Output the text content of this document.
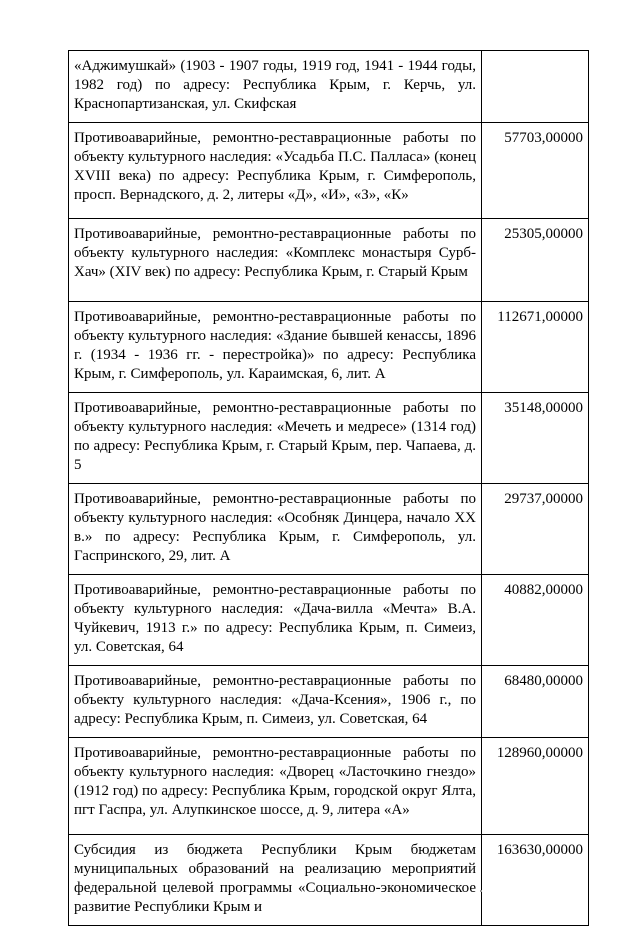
«Аджимушкай» (1903 - 1907 годы, 1919 год, 1941 - 1944 годы, 1982 год) по адресу: Республика Крым, г. Керчь, ул. Краснопартизанская, ул. Скифская	
Противоаварийные, ремонтно-реставрационные работы по объекту культурного наследия: «Усадьба П.С. Палласа» (конец XVIII века) по адресу: Республика Крым, г. Симферополь, просп. Вернадского, д. 2, литеры «Д», «И», «З», «К»	57703,00000
Противоаварийные, ремонтно-реставрационные работы по объекту культурного наследия: «Комплекс монастыря Сурб-Хач» (XIV век) по адресу: Республика Крым, г. Старый Крым	25305,00000
Противоаварийные, ремонтно-реставрационные работы по объекту культурного наследия: «Здание бывшей кенассы, 1896 г. (1934 - 1936 гг. - перестройка)» по адресу: Республика Крым, г. Симферополь, ул. Караимская, 6, лит. А	112671,00000
Противоаварийные, ремонтно-реставрационные работы по объекту культурного наследия: «Мечеть и медресе» (1314 год) по адресу: Республика Крым, г. Старый Крым, пер. Чапаева, д. 5	35148,00000
Противоаварийные, ремонтно-реставрационные работы по объекту культурного наследия: «Особняк Динцера, начало XX в.» по адресу: Республика Крым, г. Симферополь, ул. Гаспринского, 29, лит. А	29737,00000
Противоаварийные, ремонтно-реставрационные работы по объекту культурного наследия: «Дача-вилла «Мечта» В.А. Чуйкевич, 1913 г.» по адресу: Республика Крым, п. Симеиз, ул. Советская, 64	40882,00000
Противоаварийные, ремонтно-реставрационные работы по объекту культурного наследия: «Дача-Ксения», 1906 г., по адресу: Республика Крым, п. Симеиз, ул. Советская, 64	68480,00000
Противоаварийные, ремонтно-реставрационные работы по объекту культурного наследия: «Дворец «Ласточкино гнездо» (1912 год) по адресу: Республика Крым, городской округ Ялта, пгт Гаспра, ул. Алупкинское шоссе, д. 9, литера «А»	128960,00000
Субсидия из бюджета Республики Крым бюджетам муниципальных образований на реализацию мероприятий федеральной целевой программы «Социально-экономическое развитие Республики Крым и	163630,00000
